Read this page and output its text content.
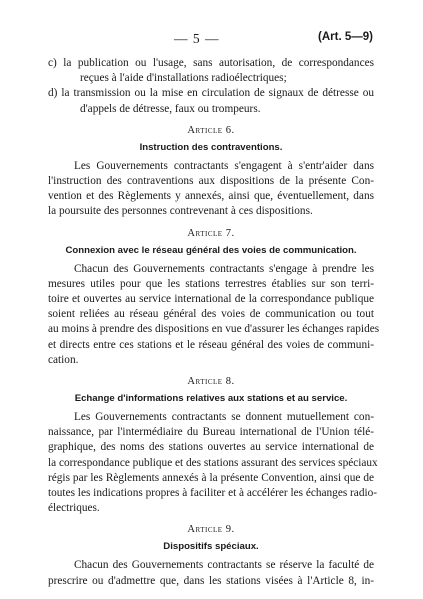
— 5 —	(Art. 5—9)
c) la publication ou l'usage, sans autorisation, de correspondances
reçues à l'aide d'installations radioélectriques;
d) la transmission ou la mise en circulation de signaux de détresse ou
d'appels de détresse, faux ou trompeurs.

Article 6.

Instruction des contraventions.

Les Gouvernements contractants s'engagent à s'entr'aider dans
l'instruction des contraventions aux dispositions de la présente Con-
vention et des Règlements y annexés, ainsi que, éventuellement, dans
la poursuite des personnes contrevenant à ces dispositions.

Article 7.

Connexion avec le réseau général des voies de communication.

Chacun des Gouvernements contractants s'engage à prendre les
mesures utiles pour que les stations terrestres établies sur son terri-
toire et ouvertes au service international de la correspondance publique
soient reliées au réseau général des voies de communication ou tout
au moins à prendre des dispositions en vue d'assurer les échanges rapides
et directs entre ces stations et le réseau général des voies de communi-
cation.

Article 8.

Echange d'informations relatives aux stations et au service.

Les Gouvernements contractants se donnent mutuellement con-
naissance, par l'intermédiaire du Bureau international de l'Union télé-
graphique, des noms des stations ouvertes au service international de
la correspondance publique et des stations assurant des services spéciaux
régis par les Règlements annexés à la présente Convention, ainsi que de
toutes les indications propres à faciliter et à accélérer les échanges radio-
électriques.

Article 9.

Dispositifs spéciaux.

Chacun des Gouvernements contractants se réserve la faculté de
prescrire ou d'admettre que, dans les stations visées à l'Article 8, in-
